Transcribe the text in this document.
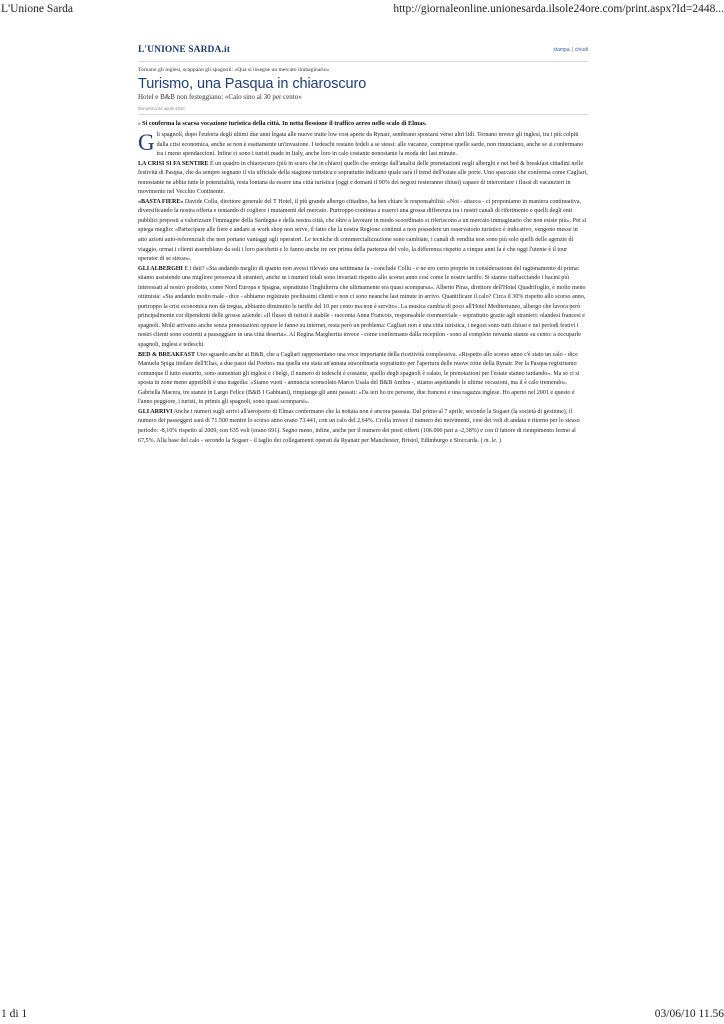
L'Unione Sarda	http://giornaleonline.unionesarda.ilsole24ore.com/print.aspx?Id=2448...
L'UNIONE SARDA.it	stampa | chiudi
Tornano gli inglesi, scappano gli spagnoli: «Qua si insegue un mercato immaginario»
Turismo, una Pasqua in chiaroscuro
Hotel e B&B non festeggiano: «Calo sino al 30 per cento»
Domenica 04 aprile 2010
»Si conferma la scarsa vocazione turistica della città. In netta flessione il traffico aereo nello scalo di Elmas.

Gli spagnoli, dopo l'euforia degli ultimi due anni legata alle nuove tratte low cost aperte da Rynair, sembrano spostarsi verso altri lidi. Tornano invece gli inglesi, tra i più colpiti dalla crisi economica, anche se non è esattamente un'invasione. I tedeschi restano fedeli a se stessi: alle vacanze, comprese quelle sarde, non rinunciano, anche se si confermano tra i meno spendaccioni. Infine ci sono i turisti made in Italy, anche loro in calo costante nonostante la moda dei last minute.

LA CRISI SI FA SENTIRE È un quadro in chiaroscuro (più in scuro che in chiaro) quello che emerge dall'analisi delle prenotazioni negli alberghi e nei bed & breakfast cittadini nelle festività di Pasqua, che da sempre segnano il via ufficiale della stagione turistica e soprattutto indicano quale sarà il trend dell'estate alle porte. Uno spaccato che conferma come Cagliari, nonostante ne abbia tutte le potenzialità, resta lontana da essere una città turistica (oggi e domani il 90% dei negozi resteranno chiusi) capace di intercettare i flussi di vacanzieri in movimento nel Vecchio Continente.

«BASTA FIERE» Davide Collu, direttore generale del T Hotel, il più grande albergo cittadino, ha ben chiare le responsabilità: «Noi - attacca - ci proponiamo in maniera continuativa, diversificando la nostra offerta e tentando di cogliere i mutamenti del mercato. Purtroppo continua a esserci una grossa differenza tra i nostri canali di riferimento e quelli degli enti pubblici preposti a valorizzare l'immagine della Sardegna e della nostra città, che oltre a lavorare in modo scoordinato si riferiscono a un mercato immaginario che non esiste più». Poi si spiega meglio: «Partecipare alle fiere e andare ai work shop non serve, il fatto che la nostra Regione continui a non possedere un osservatorio turistico è indicativo, vengono messe in atto azioni auto-referenziali che non portano vantaggi agli operatori. Le tecniche di commercializzazione sono cambiate, i canali di vendita non sono più solo quelli delle agenzie di viaggio, ormai i clienti assemblano da soli i loro pacchetti e lo fanno anche tre ore prima della partenza del volo, la differenza rispetto a cinque anni fa è che oggi l'utente è il tour operator di se stesso».

GLI ALBERGHI E i dati? «Sta andando meglio di quanto non avessi rilevato una settimana fa - conclude Collu - e ne ero certo proprio in considerazione del ragionamento di prima: stiamo assistendo una migliore presenza di stranieri, anche se i numeri totali sono invariati rispetto allo scorso anno così come le nostre tariffe. Si stanno riaffacciando i bacini più interessati al nostro prodotto, come Nord Europa e Spagna, soprattutto l'Inghilterra che ultimamente era quasi scomparsa». Alberto Piras, direttore dell'Hotel Quadrifoglio, è molto meno ottimista: «Sta andando molto male - dice - abbiamo registrato pochissimi clienti e non ci sono neanche last minute in arrivo. Quantificare il calo? Circa il 30% rispetto allo scorso anno, purtroppo la crisi economica non dà tregua, abbiamo diminuito le tariffe del 10 per cento ma non è servito». La musica cambia di poco all'Hotel Mediterraneo, albergo che lavora però principalmente coi dipendenti delle grosse aziende: «Il flusso di turisti è stabile - racconta Anna Francois, responsabile commerciale - soprattutto grazie agli stranieri: olandesi francesi e spagnoli. Molti arrivano anche senza prenotazioni oppure le fanno su internet, resta però un problema: Cagliari non è una città turistica, i negozi sono tutti chiusi e nei periodi festivi i nostri clienti sono costretti a passeggiare in una città deserta». Al Regina Margherita invece - come confermano dalla reception - sono al completo novanta stanze su cento: a occuparle spagnoli, inglesi e tedeschi.

BED & BREAKFAST Uno sguardo anche ai B&B, che a Cagliari rappresentano una voce importante della ricettività complessiva. «Rispetto allo scorso anno c'è stato un calo - dice Manuela Spiga titolare dell'Elias, a due passi dal Poetto» ma quella era stata un'annata straordinaria soprattutto per l'apertura delle nuove rotte della Rynair. Per la Pasqua registriamo comunque il tutto esaurito, sono aumentati gli inglesi e i belgi, il numero di tedeschi è costante, quello degli spagnoli è calato, le prenotazioni per l'estate stanno tardando». Ma se ci si sposta in zone meno appetibili è una tragedia: «Siamo vuoti - annuncia sconsolato Marco Usala del B&B Ambra -, stiamo aspettando le ultime occasioni, ma il è calo tremendo». Gabriella Macera, tre stanze in Largo Felice (B&B I Gabbiani), rimpiange gli anni passati: «Da ieri ho tre persone, due francesi e una ragazza inglese. Ho aperto nel 2001 e questo è l'anno peggiore, i turisti, in primis gli spagnoli, sono quasi scomparsi».

GLI ARRIVI Anche i numeri sugli arrivi all'aeroporto di Elmas confermano che la nottata non è ancora passata. Dal primo al 7 aprile, secondo la Sogaer (la società di gestione), il numero dei passeggeri sarà di 71.500 mentre lo scorso anno erano 73.441, con un calo del 2,64%. Crolla invece il numero dei movimenti, cioè dei voli di andata e ritorno per lo stesso periodo: -8,10% rispetto al 2009, con 635 voli (erano 691). Segno meno, infine, anche per il numero dei posti offerti (106.000 pari a -2,38%) e con il fattore di riempimento fermo al 67,5%. Alla base del calo - secondo la Sogaer - il taglio dei collegamenti operati da Ryanair per Manchester, Bristol, Edimburgo e Stoccarda. ( m. le. )

1 di 1	03/06/10 11.56
